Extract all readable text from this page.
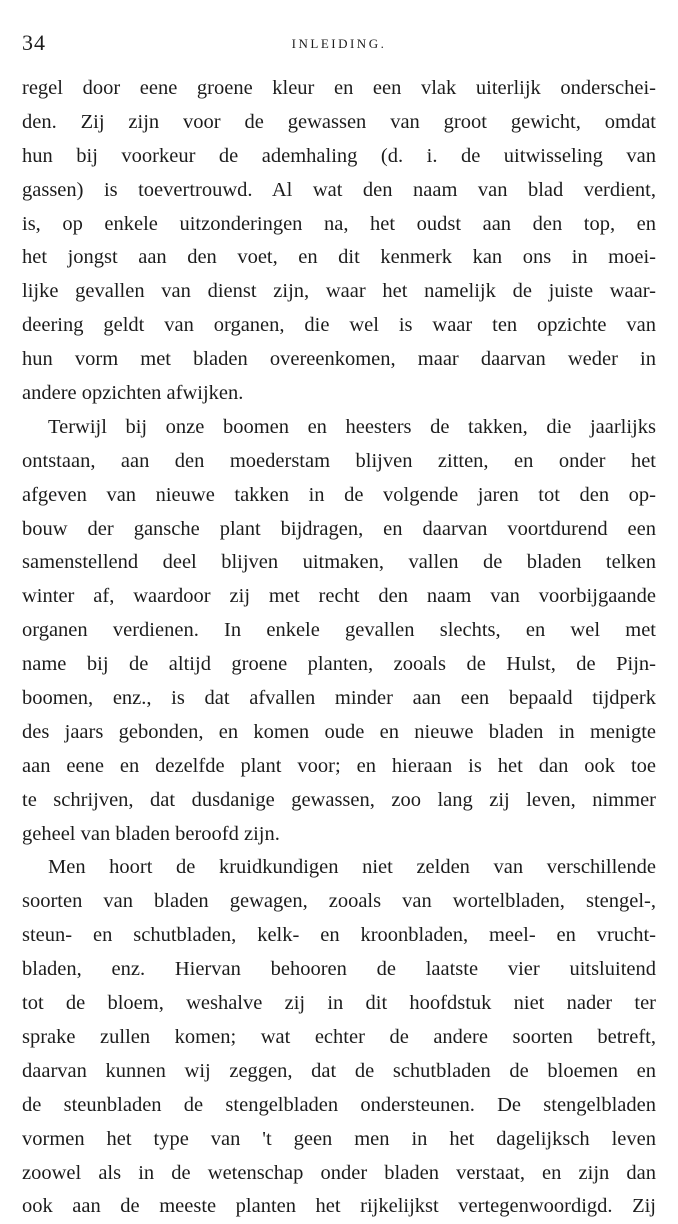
34	INLEIDING.
regel door eene groene kleur en een vlak uiterlijk onderschei-
den. Zij zijn voor de gewassen van groot gewicht, omdat
hun bij voorkeur de ademhaling (d. i. de uitwisseling van
gassen) is toevertrouwd. Al wat den naam van blad verdient,
is, op enkele uitzonderingen na, het oudst aan den top, en
het jongst aan den voet, en dit kenmerk kan ons in moei-
lijke gevallen van dienst zijn, waar het namelijk de juiste waar-
deering geldt van organen, die wel is waar ten opzichte van
hun vorm met bladen overeenkomen, maar daarvan weder in
andere opzichten afwijken.
Terwijl bij onze boomen en heesters de takken, die jaarlijks
ontstaan, aan den moederstam blijven zitten, en onder het
afgeven van nieuwe takken in de volgende jaren tot den op-
bouw der gansche plant bijdragen, en daarvan voortdurend een
samenstellend deel blijven uitmaken, vallen de bladen telken
winter af, waardoor zij met recht den naam van voorbijgaande
organen verdienen. In enkele gevallen slechts, en wel met
name bij de altijd groene planten, zooals de Hulst, de Pijn-
boomen, enz., is dat afvallen minder aan een bepaald tijdperk
des jaars gebonden, en komen oude en nieuwe bladen in menigte
aan eene en dezelfde plant voor; en hieraan is het dan ook toe
te schrijven, dat dusdanige gewassen, zoo lang zij leven, nimmer
geheel van bladen beroofd zijn.
Men hoort de kruidkundigen niet zelden van verschillende
soorten van bladen gewagen, zooals van wortelbladen, stengel-,
steun- en schutbladen, kelk- en kroonbladen, meel- en vrucht-
bladen, enz. Hiervan behooren de laatste vier uitsluitend
tot de bloem, weshalve zij in dit hoofdstuk niet nader ter
sprake zullen komen; wat echter de andere soorten betreft,
daarvan kunnen wij zeggen, dat de schutbladen de bloemen en
de steunbladen de stengelbladen ondersteunen. De stengelbladen
vormen het type van 't geen men in het dagelijksch leven
zoowel als in de wetenschap onder bladen verstaat, en zijn dan
ook aan de meeste planten het rijkelijkst vertegenwoordigd. Zij
